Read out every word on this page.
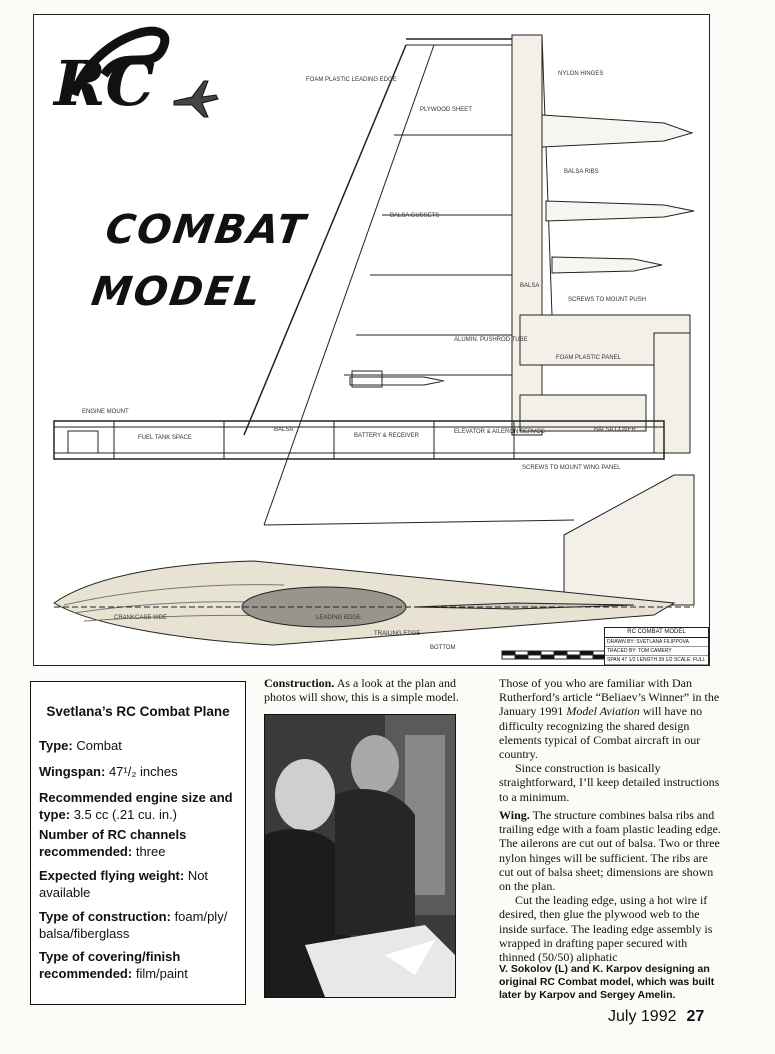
RC
COMBAT
MODEL
FOAM PLASTIC LEADING EDGE
PLYWOOD SHEET
BALSA GUSSETS
NYLON HINGES
BALSA RIBS
BALSA
SCREWS TO MOUNT PUSH
ALUMIN. PUSHROD TUBE
FOAM PLASTIC PANEL
FUEL TANK SPACE
BALSA
BATTERY & RECEIVER
ELEVATOR & AILERON SERVOS
SCREWS TO MOUNT WING PANEL
BALSA COVER
ENGINE MOUNT
LEADING EDGE
TRAILING EDGE
BOTTOM
CRANKCASE SIDE
RC COMBAT MODEL
DRAWN BY: SVETLANA FILIPPOVA
TRACED BY: TOM CAMERY
SPAN 47 1/2 LENGTH 39 1/2 SCALE: FULL
Svetlana’s RC Combat Plane
Type: Combat
Wingspan: 47¹/₂ inches
Recommended engine size and type: 3.5 cc (.21 cu. in.)
Number of RC channels recommended: three
Expected flying weight: Not available
Type of construction: foam/ply/ balsa/fiberglass
Type of covering/finish recommended: film/paint
Construction. As a look at the plan and photos will show, this is a simple model.

Those of you who are familiar with Dan Rutherford’s article “Beliaev’s Winner” in the January 1991 Model Aviation will have no difficulty recognizing the shared design elements typical of Combat aircraft in our country.

Since construction is basically straightforward, I’ll keep detailed instructions to a minimum.

Wing. The structure combines balsa ribs and trailing edge with a foam plastic leading edge. The ailerons are cut out of balsa. Two or three nylon hinges will be sufficient. The ribs are cut out of balsa sheet; dimensions are shown on the plan.

Cut the leading edge, using a hot wire if desired, then glue the plywood web to the inside surface. The leading edge assembly is wrapped in drafting paper secured with thinned (50/50) aliphatic

V. Sokolov (L) and K. Karpov designing an original RC Combat model, which was built later by Karpov and Sergey Amelin.
July 1992 27
